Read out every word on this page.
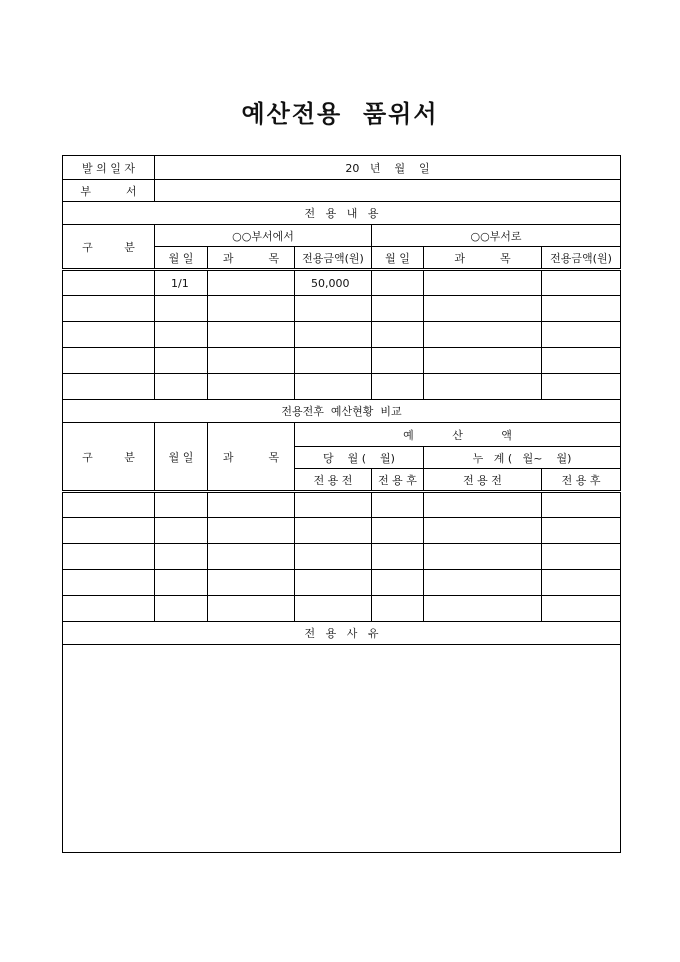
예산전용  품위서
발 의 일 자	20   년    월    일					
부          서						
전   용   내   용						
구         분	○○부서에서			○○부서로		
	월 일	과          목	전용금액(원)	월 일	과          목	전용금액(원)
	1/1		50,000			

전용전후  예산현황  비교						
구         분	월 일	과          목	예           산           액			
			당    월 (    월)		누   계 (   월~    월)	
			전 용 전	전 용 후	전 용 전	전 용 후

전   용   사   유						
